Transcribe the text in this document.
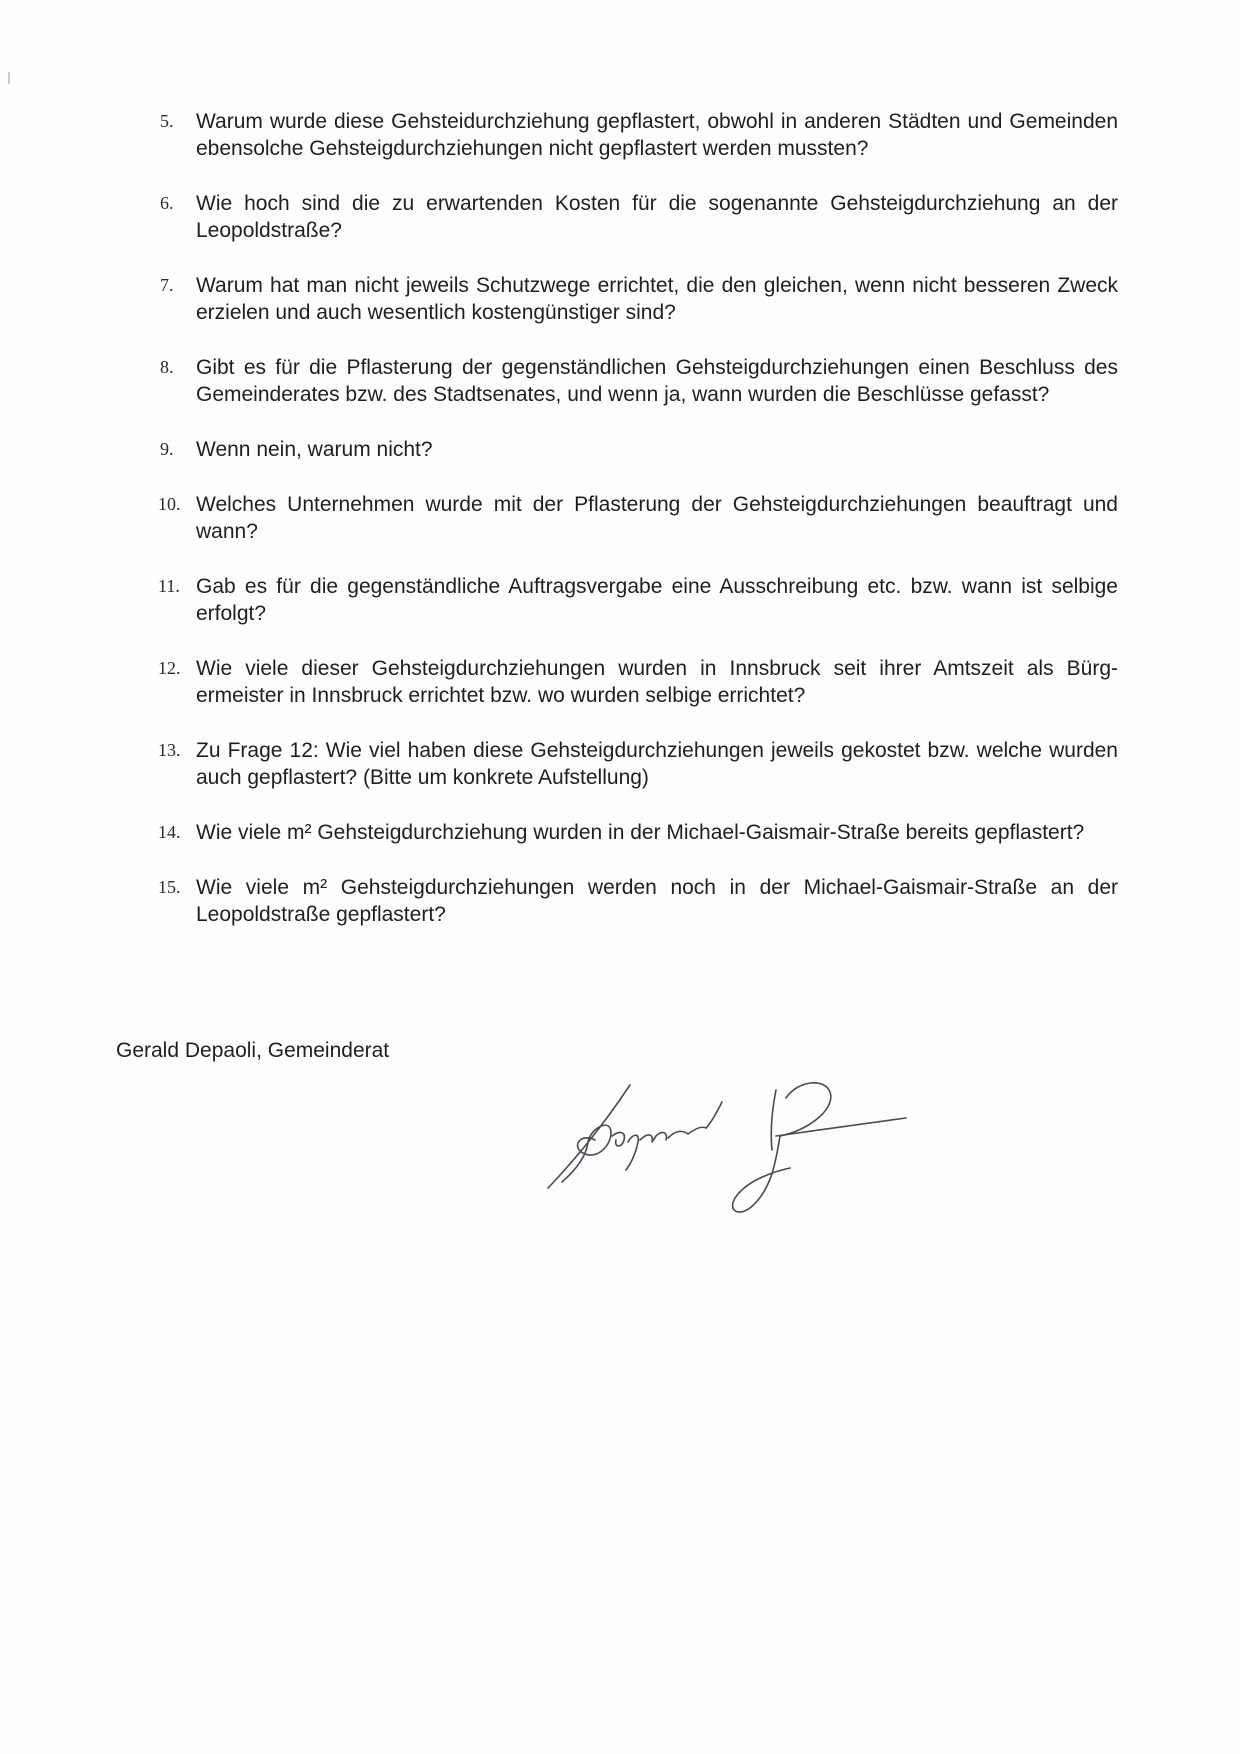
5. Warum wurde diese Gehsteidurchziehung gepflastert, obwohl in anderen Städten und Gemeinden ebensolche Gehsteigdurchziehungen nicht gepflastert werden mussten?
6. Wie hoch sind die zu erwartenden Kosten für die sogenannte Gehsteigdurchziehung an der Leopoldstraße?
7. Warum hat man nicht jeweils Schutzwege errichtet, die den gleichen, wenn nicht besseren Zweck erzielen und auch wesentlich kostengünstiger sind?
8. Gibt es für die Pflasterung der gegenständlichen Gehsteigdurchziehungen einen Beschluss des Gemeinderates bzw. des Stadtsenates, und wenn ja, wann wurden die Beschlüsse gefasst?
9. Wenn nein, warum nicht?
10. Welches Unternehmen wurde mit der Pflasterung der Gehsteigdurchziehungen beauftragt und wann?
11. Gab es für die gegenständliche Auftragsvergabe eine Ausschreibung etc. bzw. wann ist selbige erfolgt?
12. Wie viele dieser Gehsteigdurchziehungen wurden in Innsbruck seit ihrer Amtszeit als Bürg-ermeister in Innsbruck errichtet bzw. wo wurden selbige errichtet?
13. Zu Frage 12: Wie viel haben diese Gehsteigdurchziehungen jeweils gekostet bzw. welche wurden auch gepflastert? (Bitte um konkrete Aufstellung)
14. Wie viele m² Gehsteigdurchziehung wurden in der Michael-Gaismair-Straße bereits gepflastert?
15. Wie viele m² Gehsteigdurchziehungen werden noch in der Michael-Gaismair-Straße an der Leopoldstraße gepflastert?
Gerald Depaoli, Gemeinderat
